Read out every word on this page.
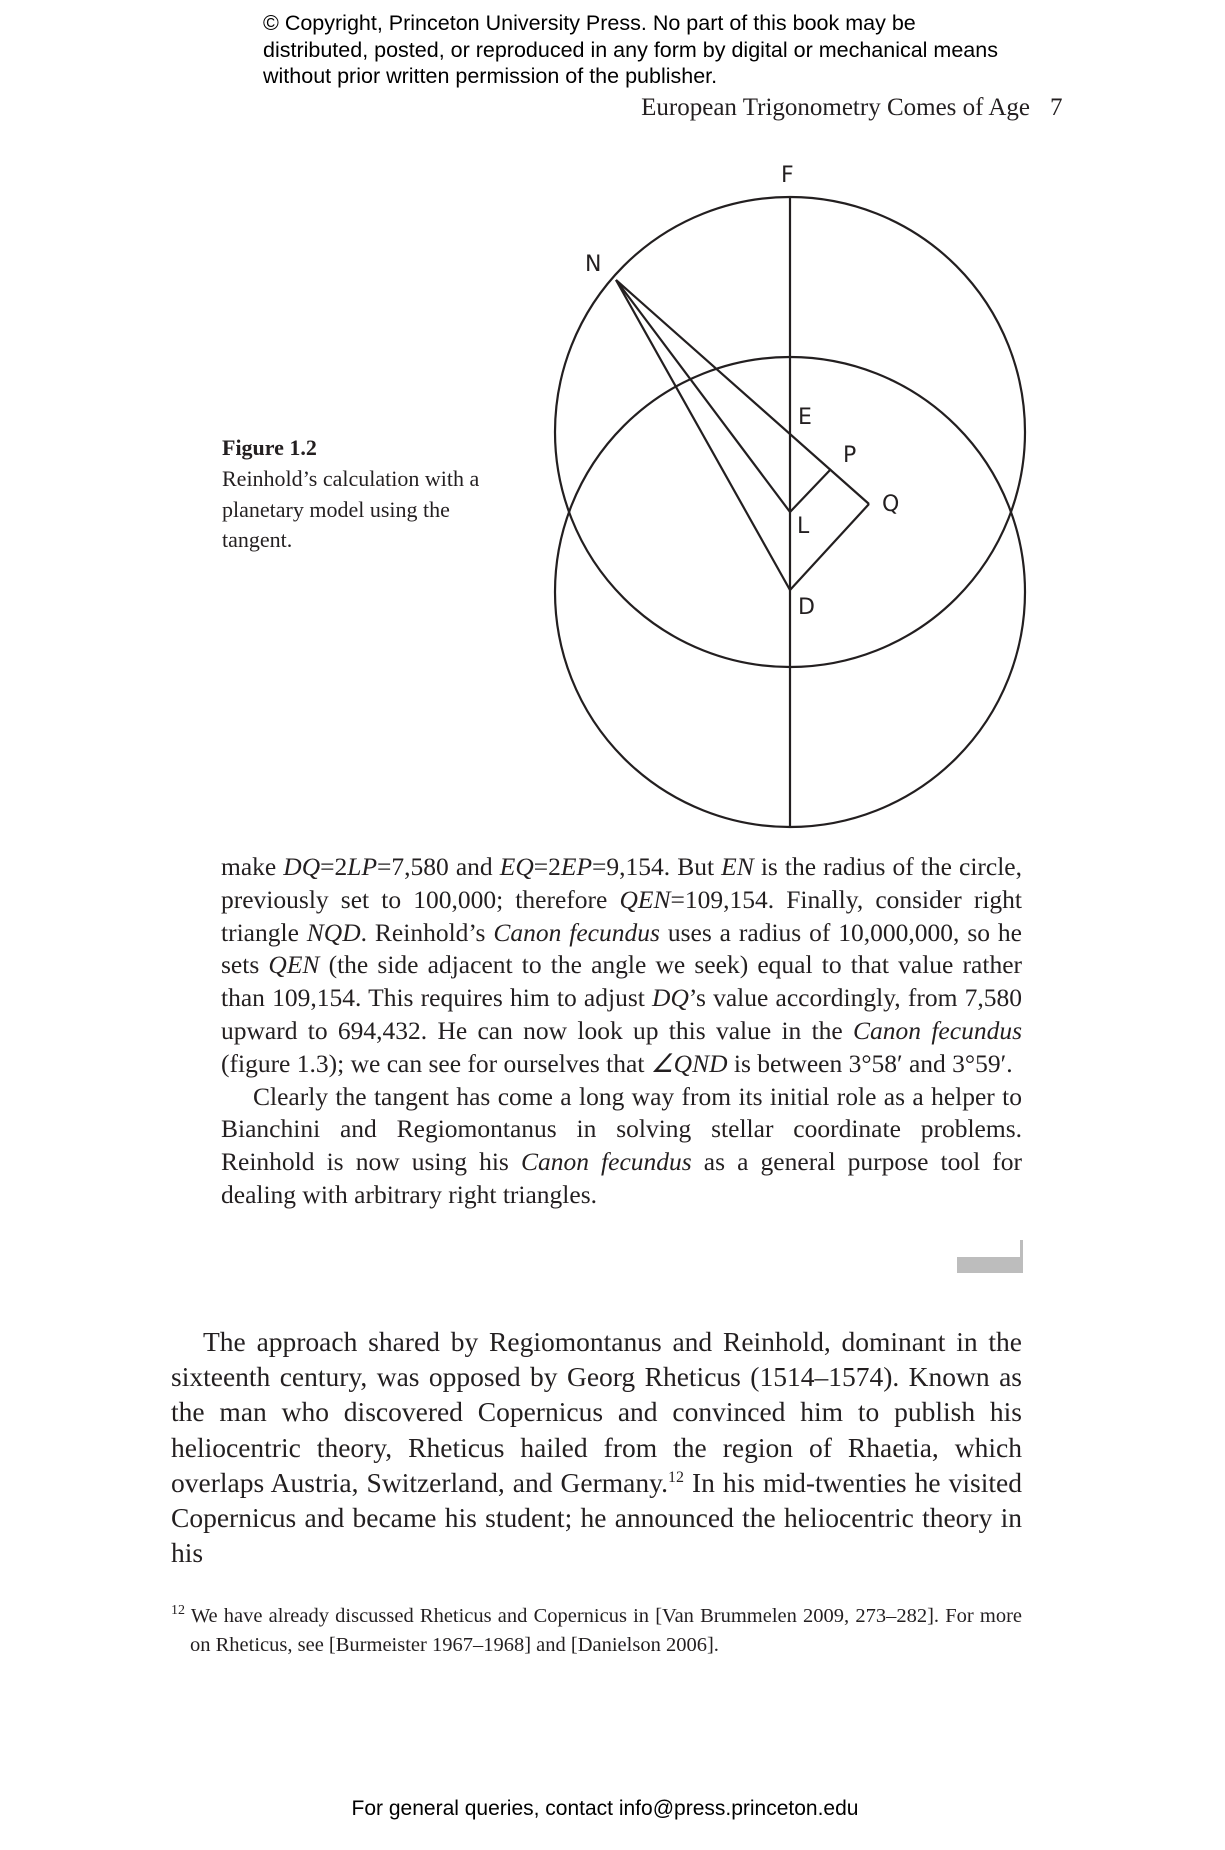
© Copyright, Princeton University Press. No part of this book may be distributed, posted, or reproduced in any form by digital or mechanical means without prior written permission of the publisher.
European Trigonometry Comes of Age 7
F
N
E
P
Q
L
D
Figure 1.2
Reinhold’s calculation with a planetary model using the tangent.

make DQ=2LP=7,580 and EQ=2EP=9,154. But EN is the radius of the circle, previously set to 100,000; therefore QEN=109,154. Finally, consider right triangle NQD. Reinhold’s Canon fecundus uses a radius of 10,000,000, so he sets QEN (the side adjacent to the angle we seek) equal to that value rather than 109,154. This requires him to adjust DQ’s value accordingly, from 7,580 upward to 694,432. He can now look up this value in the Canon fecundus (figure 1.3); we can see for ourselves that ∠QND is between 3°58′ and 3°59′.

Clearly the tangent has come a long way from its initial role as a helper to Bianchini and Regiomontanus in solving stellar coordinate problems. Reinhold is now using his Canon fecundus as a general purpose tool for dealing with arbitrary right triangles.

The approach shared by Regiomontanus and Reinhold, dominant in the sixteenth century, was opposed by Georg Rheticus (1514–1574). Known as the man who discovered Copernicus and convinced him to publish his heliocentric theory, Rheticus hailed from the region of Rhaetia, which overlaps Austria, Switzerland, and Germany.$^{12}$ In his mid-twenties he visited Copernicus and became his student; he announced the heliocentric theory in his

$^{12}$ We have already discussed Rheticus and Copernicus in [Van Brummelen 2009, 273–282]. For more on Rheticus, see [Burmeister 1967–1968] and [Danielson 2006].
For general queries, contact info@press.princeton.edu
